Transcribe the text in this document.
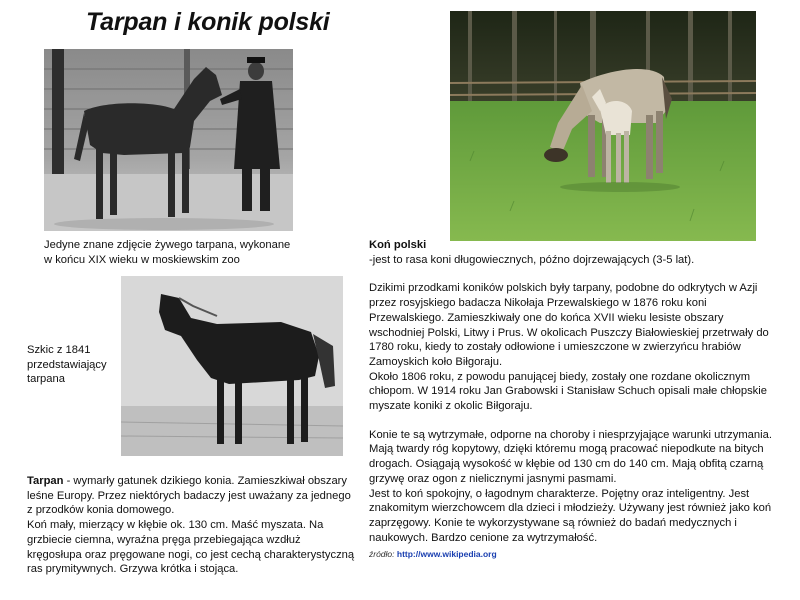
Tarpan i konik polski
Jedyne znane zdjęcie żywego tarpana, wykonane
w końcu XIX wieku w moskiewskim zoo
Szkic z 1841
przedstawiający
tarpana

Tarpan - wymarły gatunek dzikiego konia. Zamieszkiwał obszary leśne Europy. Przez niektórych badaczy jest uważany za jednego z przodków konia domowego.

Koń mały, mierzący w kłębie ok. 130 cm. Maść myszata. Na grzbiecie ciemna, wyraźna pręga przebiegająca wzdłuż kręgosłupa oraz pręgowane nogi, co jest cechą charakterystyczną ras prymitywnych. Grzywa krótka i stojąca.

Koń polski

-jest to rasa koni długowiecznych, późno dojrzewających (3-5 lat).

Dzikimi przodkami koników polskich były tarpany, podobne do odkrytych w Azji przez rosyjskiego badacza Nikołaja Przewalskiego w 1876 roku koni Przewalskiego. Zamieszkiwały one do końca XVII wieku lesiste obszary wschodniej Polski, Litwy i Prus. W okolicach Puszczy Białowieskiej przetrwały do 1780 roku, kiedy to zostały odłowione i umieszczone w zwierzyńcu hrabiów Zamoyskich koło Biłgoraju.

Około 1806 roku, z powodu panującej biedy, zostały one rozdane okolicznym chłopom. W 1914 roku Jan Grabowski i Stanisław Schuch opisali małe chłopskie myszate koniki z okolic Biłgoraju.

Konie te są wytrzymałe, odporne na choroby i niesprzyjające warunki utrzymania. Mają twardy róg kopytowy, dzięki któremu mogą pracować niepodkute na bitych drogach. Osiągają wysokość w kłębie od 130 cm do 140 cm. Mają obfitą czarną grzywę oraz ogon z nielicznymi jasnymi pasmami.

Jest to koń spokojny, o łagodnym charakterze. Pojętny oraz inteligentny. Jest znakomitym wierzchowcem dla dzieci i młodzieży. Używany jest również jako koń zaprzęgowy. Konie te wykorzystywane są również do badań medycznych i naukowych. Bardzo cenione za wytrzymałość.

źródło: http://www.wikipedia.org
